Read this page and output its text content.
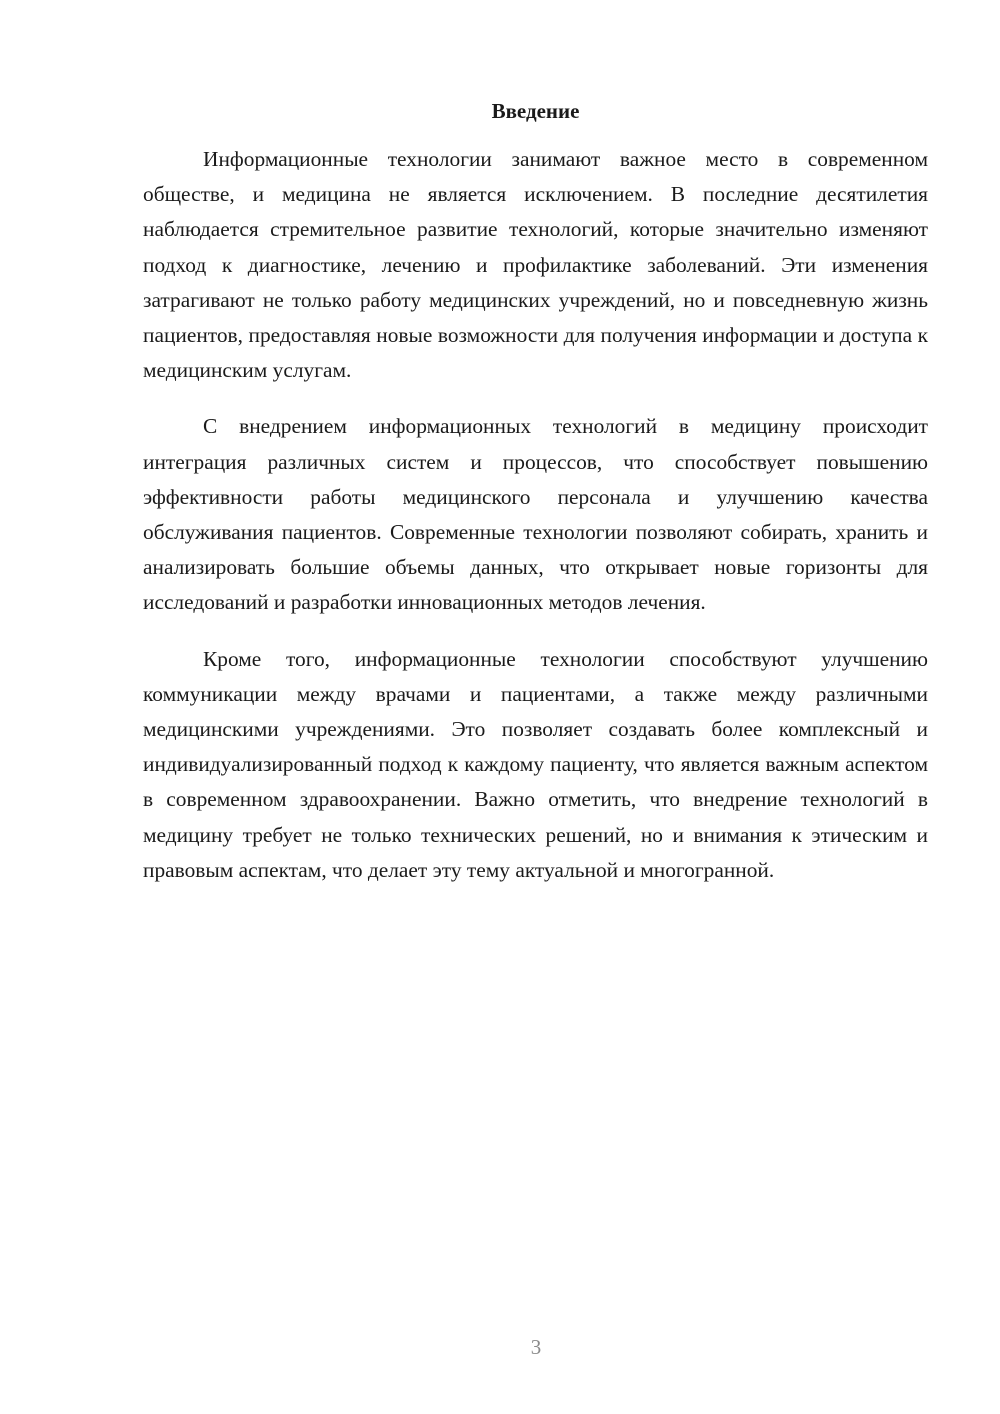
Введение

Информационные технологии занимают важное место в современном обществе, и медицина не является исключением. В последние десятилетия наблюдается стремительное развитие технологий, которые значительно изменяют подход к диагностике, лечению и профилактике заболеваний. Эти изменения затрагивают не только работу медицинских учреждений, но и повседневную жизнь пациентов, предоставляя новые возможности для получения информации и доступа к медицинским услугам.

С внедрением информационных технологий в медицину происходит интеграция различных систем и процессов, что способствует повышению эффективности работы медицинского персонала и улучшению качества обслуживания пациентов. Современные технологии позволяют собирать, хранить и анализировать большие объемы данных, что открывает новые горизонты для исследований и разработки инновационных методов лечения.

Кроме того, информационные технологии способствуют улучшению коммуникации между врачами и пациентами, а также между различными медицинскими учреждениями. Это позволяет создавать более комплексный и индивидуализированный подход к каждому пациенту, что является важным аспектом в современном здравоохранении. Важно отметить, что внедрение технологий в медицину требует не только технических решений, но и внимания к этическим и правовым аспектам, что делает эту тему актуальной и многогранной.

3
